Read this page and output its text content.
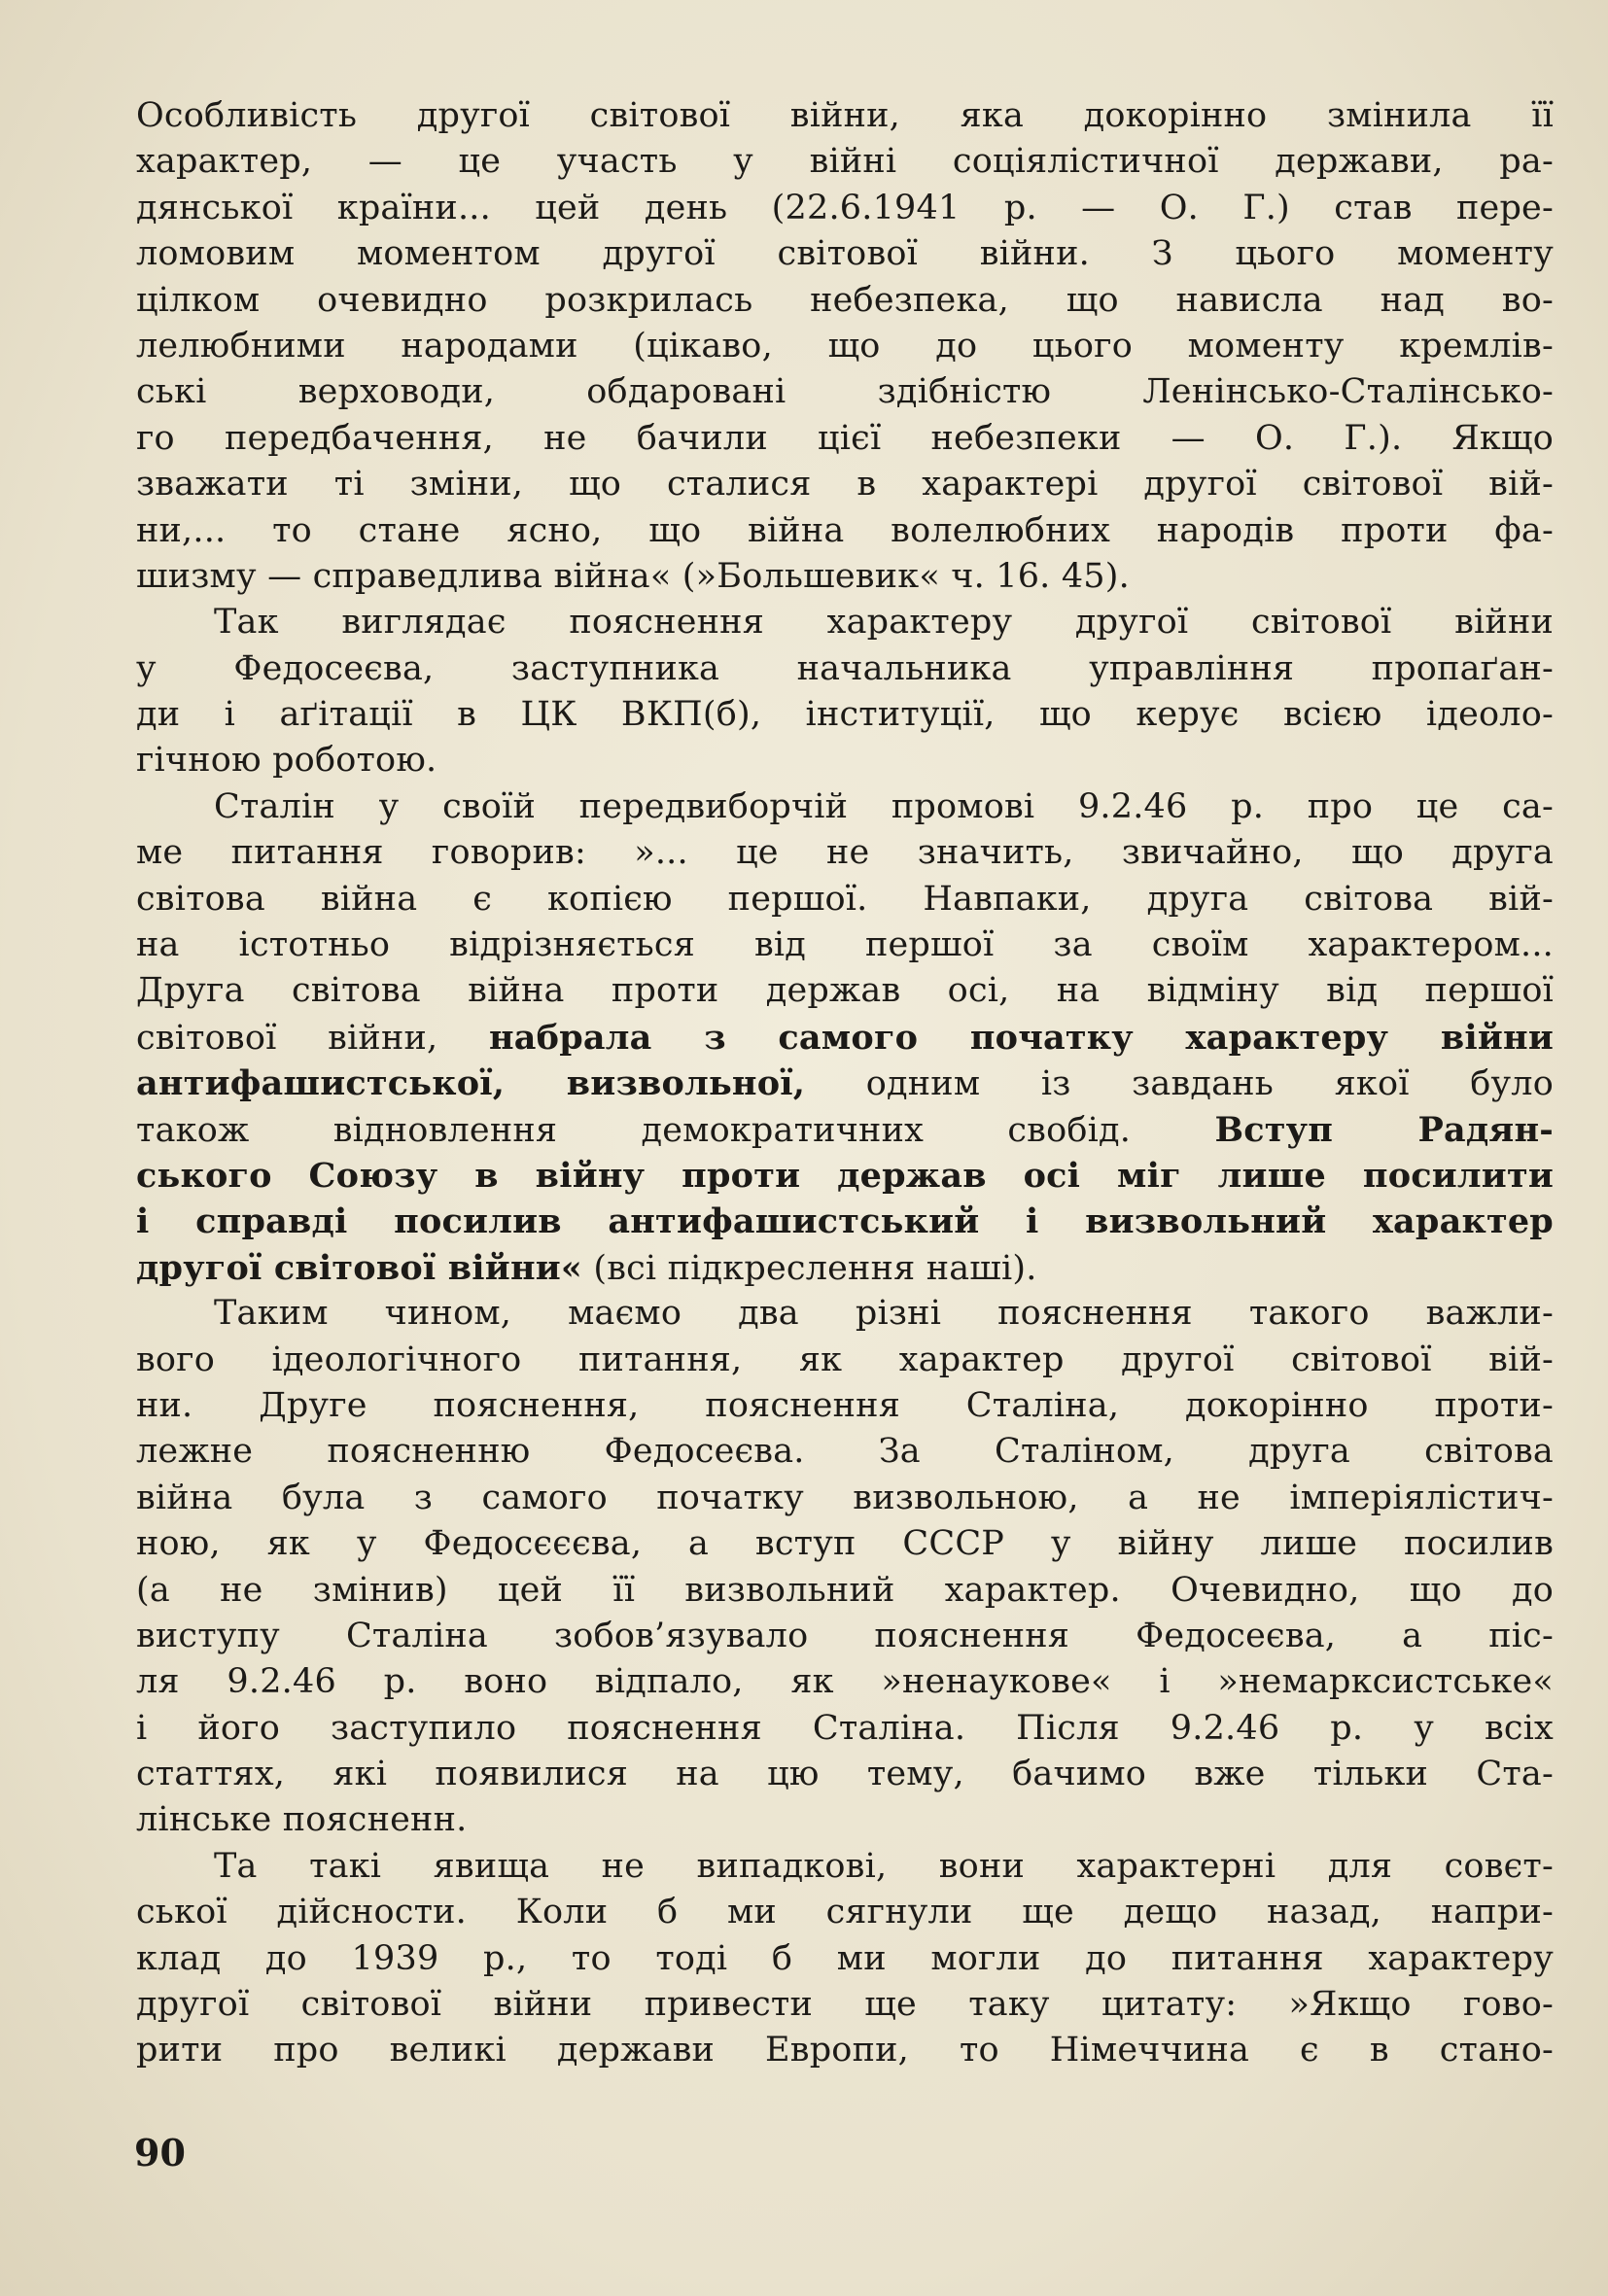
Особливість другої світової війни, яка докорінно змінила її
характер, — це участь у війні соціялістичної держави, ра-
дянської країни... цей день (22.6.1941 р. — О. Г.) став пере-
ломовим моментом другої світової війни. З цього моменту
цілком очевидно розкрилась небезпека, що нависла над во-
лелюбними народами (цікаво, що до цього моменту кремлів-
ські верховоди, обдаровані здібністю Ленінсько-Сталінсько-
го передбачення, не бачили цієї небезпеки — О. Г.). Якщо
зважати ті зміни, що сталися в характері другої світової вій-
ни,... то стане ясно, що війна волелюбних народів проти фа-
шизму — справедлива війна« (»Большевик« ч. 16. 45).
Так виглядає пояснення характеру другої світової війни
у Федосеєва, заступника начальника управління пропаґан-
ди і аґітації в ЦК ВКП(б), інституції, що керує всією ідеоло-
гічною роботою.
Сталін у своїй передвиборчій промові 9.2.46 р. про це са-
ме питання говорив: »... це не значить, звичайно, що друга
світова війна є копією першої. Навпаки, друга світова вій-
на істотньо відрізняється від першої за своїм характером...
Друга світова війна проти держав осі, на відміну від першої
світової війни, набрала з самого початку характеру війни
антифашистської, визвольної, одним із завдань якої було
також відновлення демократичних свобід. Вступ Радян-
ського Союзу в війну проти держав осі міг лише посилити
і справді посилив антифашистський і визвольний характер
другої світової війни« (всі підкреслення наші).
Таким чином, маємо два різні пояснення такого важли-
вого ідеологічного питання, як характер другої світової вій-
ни. Друге пояснення, пояснення Сталіна, докорінно проти-
лежне поясненню Федосеєва. За Сталіном, друга світова
війна була з самого початку визвольною, а не імперіялістич-
ною, як у Федосєєєва, а вступ СССР у війну лише посилив
(а не змінив) цей її визвольний характер. Очевидно, що до
виступу Сталіна зобов’язувало пояснення Федосеєва, а піс-
ля 9.2.46 р. воно відпало, як »ненаукове« і »немарксистське«
і його заступило пояснення Сталіна. Після 9.2.46 р. у всіх
статтях, які появилися на цю тему, бачимо вже тільки Ста-
лінське поясненн.
Та такі явища не випадкові, вони характерні для совєт-
ської дійсности. Коли б ми сягнули ще дещо назад, напри-
клад до 1939 р., то тоді б ми могли до питання характеру
другої світової війни привести ще таку цитату: »Якщо гово-
рити про великі держави Европи, то Німеччина є в стано-
90
